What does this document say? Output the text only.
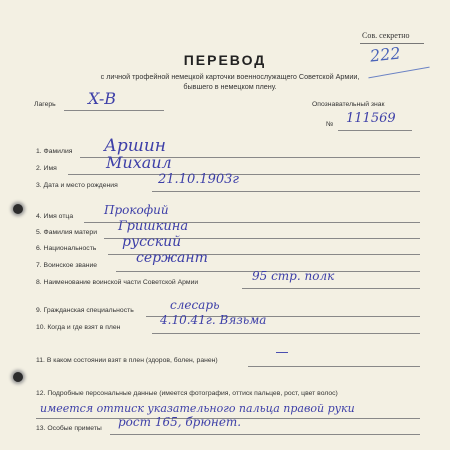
Сов. секретно
222
ПЕРЕВОД
с личной трофейной немецкой карточки военнослужащего Советской Армии,
бывшего в немецком плену.
Лагерь X-B	Опознавательный знак
№ 111569
1. Фамилия Аршин
2. Имя	Михаил
3. Дата и место рождения	21.10.1903г
4. Имя отца	Прокофий
5. Фамилия матери Гришкина
6. Национальность русский
7. Воинское звание	сержант
8. Наименование воинской части Советской Армии	95 стр. полк
9. Гражданская специальность	слесарь
10. Когда и где взят в плен
4.10.41г. Вязьма
11. В каком состоянии взят в плен (здоров, болен, ранен)
12. Подробные персональные данные (имеется фотография, оттиск пальцев, рост, цвет волос)
имеется оттиск указательного пальца правой руки
13. Особые приметы рост 165, брюнет.
